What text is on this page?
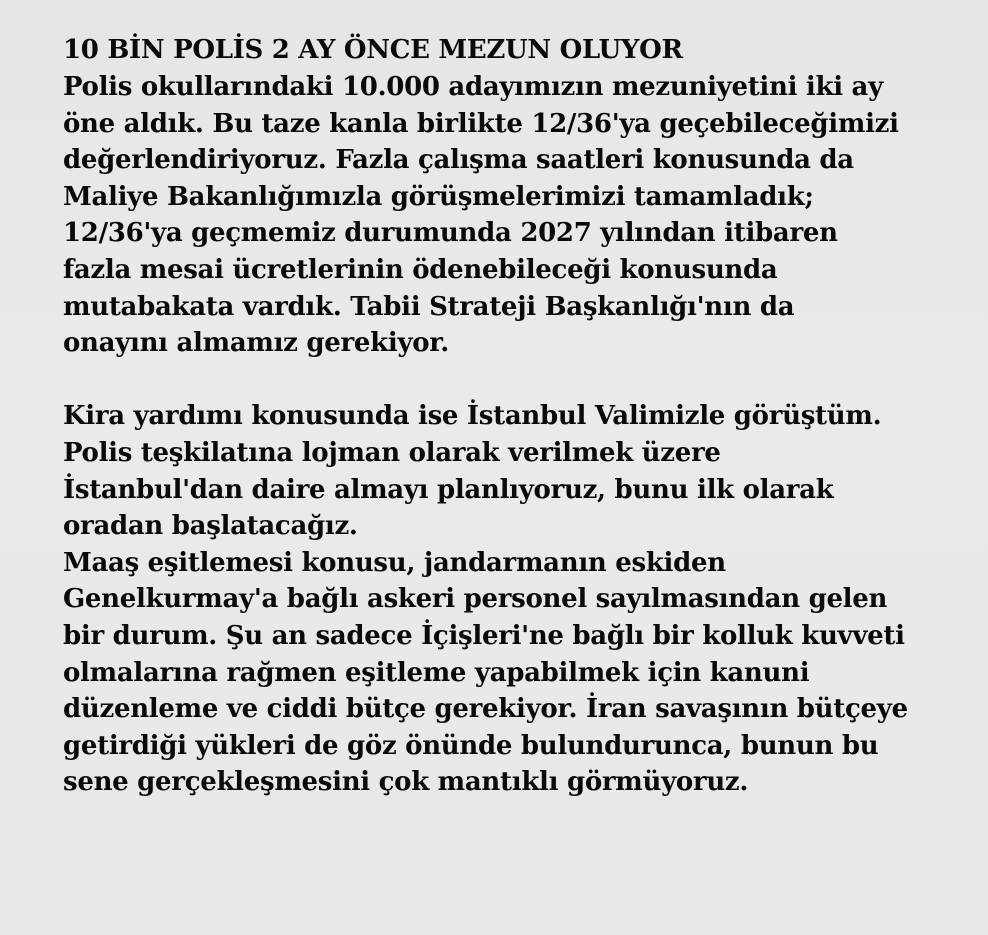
10 BİN POLİS 2 AY ÖNCE MEZUN OLUYOR
Polis okullarındaki 10.000 adayımızın mezuniyetini iki ay
öne aldık. Bu taze kanla birlikte 12/36'ya geçebileceğimizi
değerlendiriyoruz. Fazla çalışma saatleri konusunda da
Maliye Bakanlığımızla görüşmelerimizi tamamladık;
12/36'ya geçmemiz durumunda 2027 yılından itibaren
fazla mesai ücretlerinin ödenebileceği konusunda
mutabakata vardık. Tabii Strateji Başkanlığı'nın da
onayını almamız gerekiyor.
Kira yardımı konusunda ise İstanbul Valimizle görüştüm.
Polis teşkilatına lojman olarak verilmek üzere
İstanbul'dan daire almayı planlıyoruz, bunu ilk olarak
oradan başlatacağız.
Maaş eşitlemesi konusu, jandarmanın eskiden
Genelkurmay'a bağlı askeri personel sayılmasından gelen
bir durum. Şu an sadece İçişleri'ne bağlı bir kolluk kuvveti
olmalarına rağmen eşitleme yapabilmek için kanuni
düzenleme ve ciddi bütçe gerekiyor. İran savaşının bütçeye
getirdiği yükleri de göz önünde bulundurunca, bunun bu
sene gerçekleşmesini çok mantıklı görmüyoruz.
